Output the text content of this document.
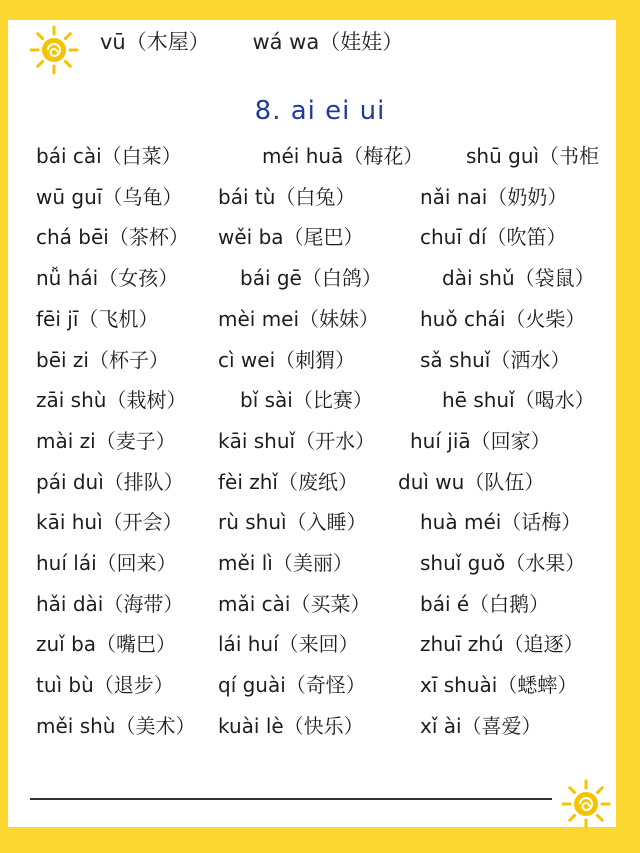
vū（木屋） wá wa（娃娃）
8. ai ei ui
bái cài（白菜）	méi huā（梅花） shū guì（书柜
wū guī（乌龟） bái tù（白兔）	nǎi nai（奶奶）
chá bēi（茶杯） wěi ba（尾巴）	chuī dí（吹笛）
nǚ hái（女孩）	bái gē（白鸽）	dài shǔ（袋鼠）
fēi jī（飞机）	mèi mei（妹妹） huǒ chái（火柴）
bēi zi（杯子） cì wei（刺猬）	sǎ shuǐ（洒水）
zāi shù（栽树）	bǐ sài（比赛）	hē shuǐ（喝水）
mài zi（麦子） kāi shuǐ（开水） huí jiā（回家）
pái duì（排队） fèi zhǐ（废纸） duì wu（队伍）
kāi huì（开会） rù shuì（入睡）	huà méi（话梅）
huí lái（回来） měi lì（美丽）	shuǐ guǒ（水果）
hǎi dài（海带） mǎi cài（买菜） bái é（白鹅）
zuǐ ba（嘴巴） lái huí（来回）	zhuī zhú（追逐）
tuì bù（退步） qí guài（奇怪）	xī shuài（蟋蟀）
měi shù（美术） kuài lè（快乐）	xǐ ài（喜爱）
